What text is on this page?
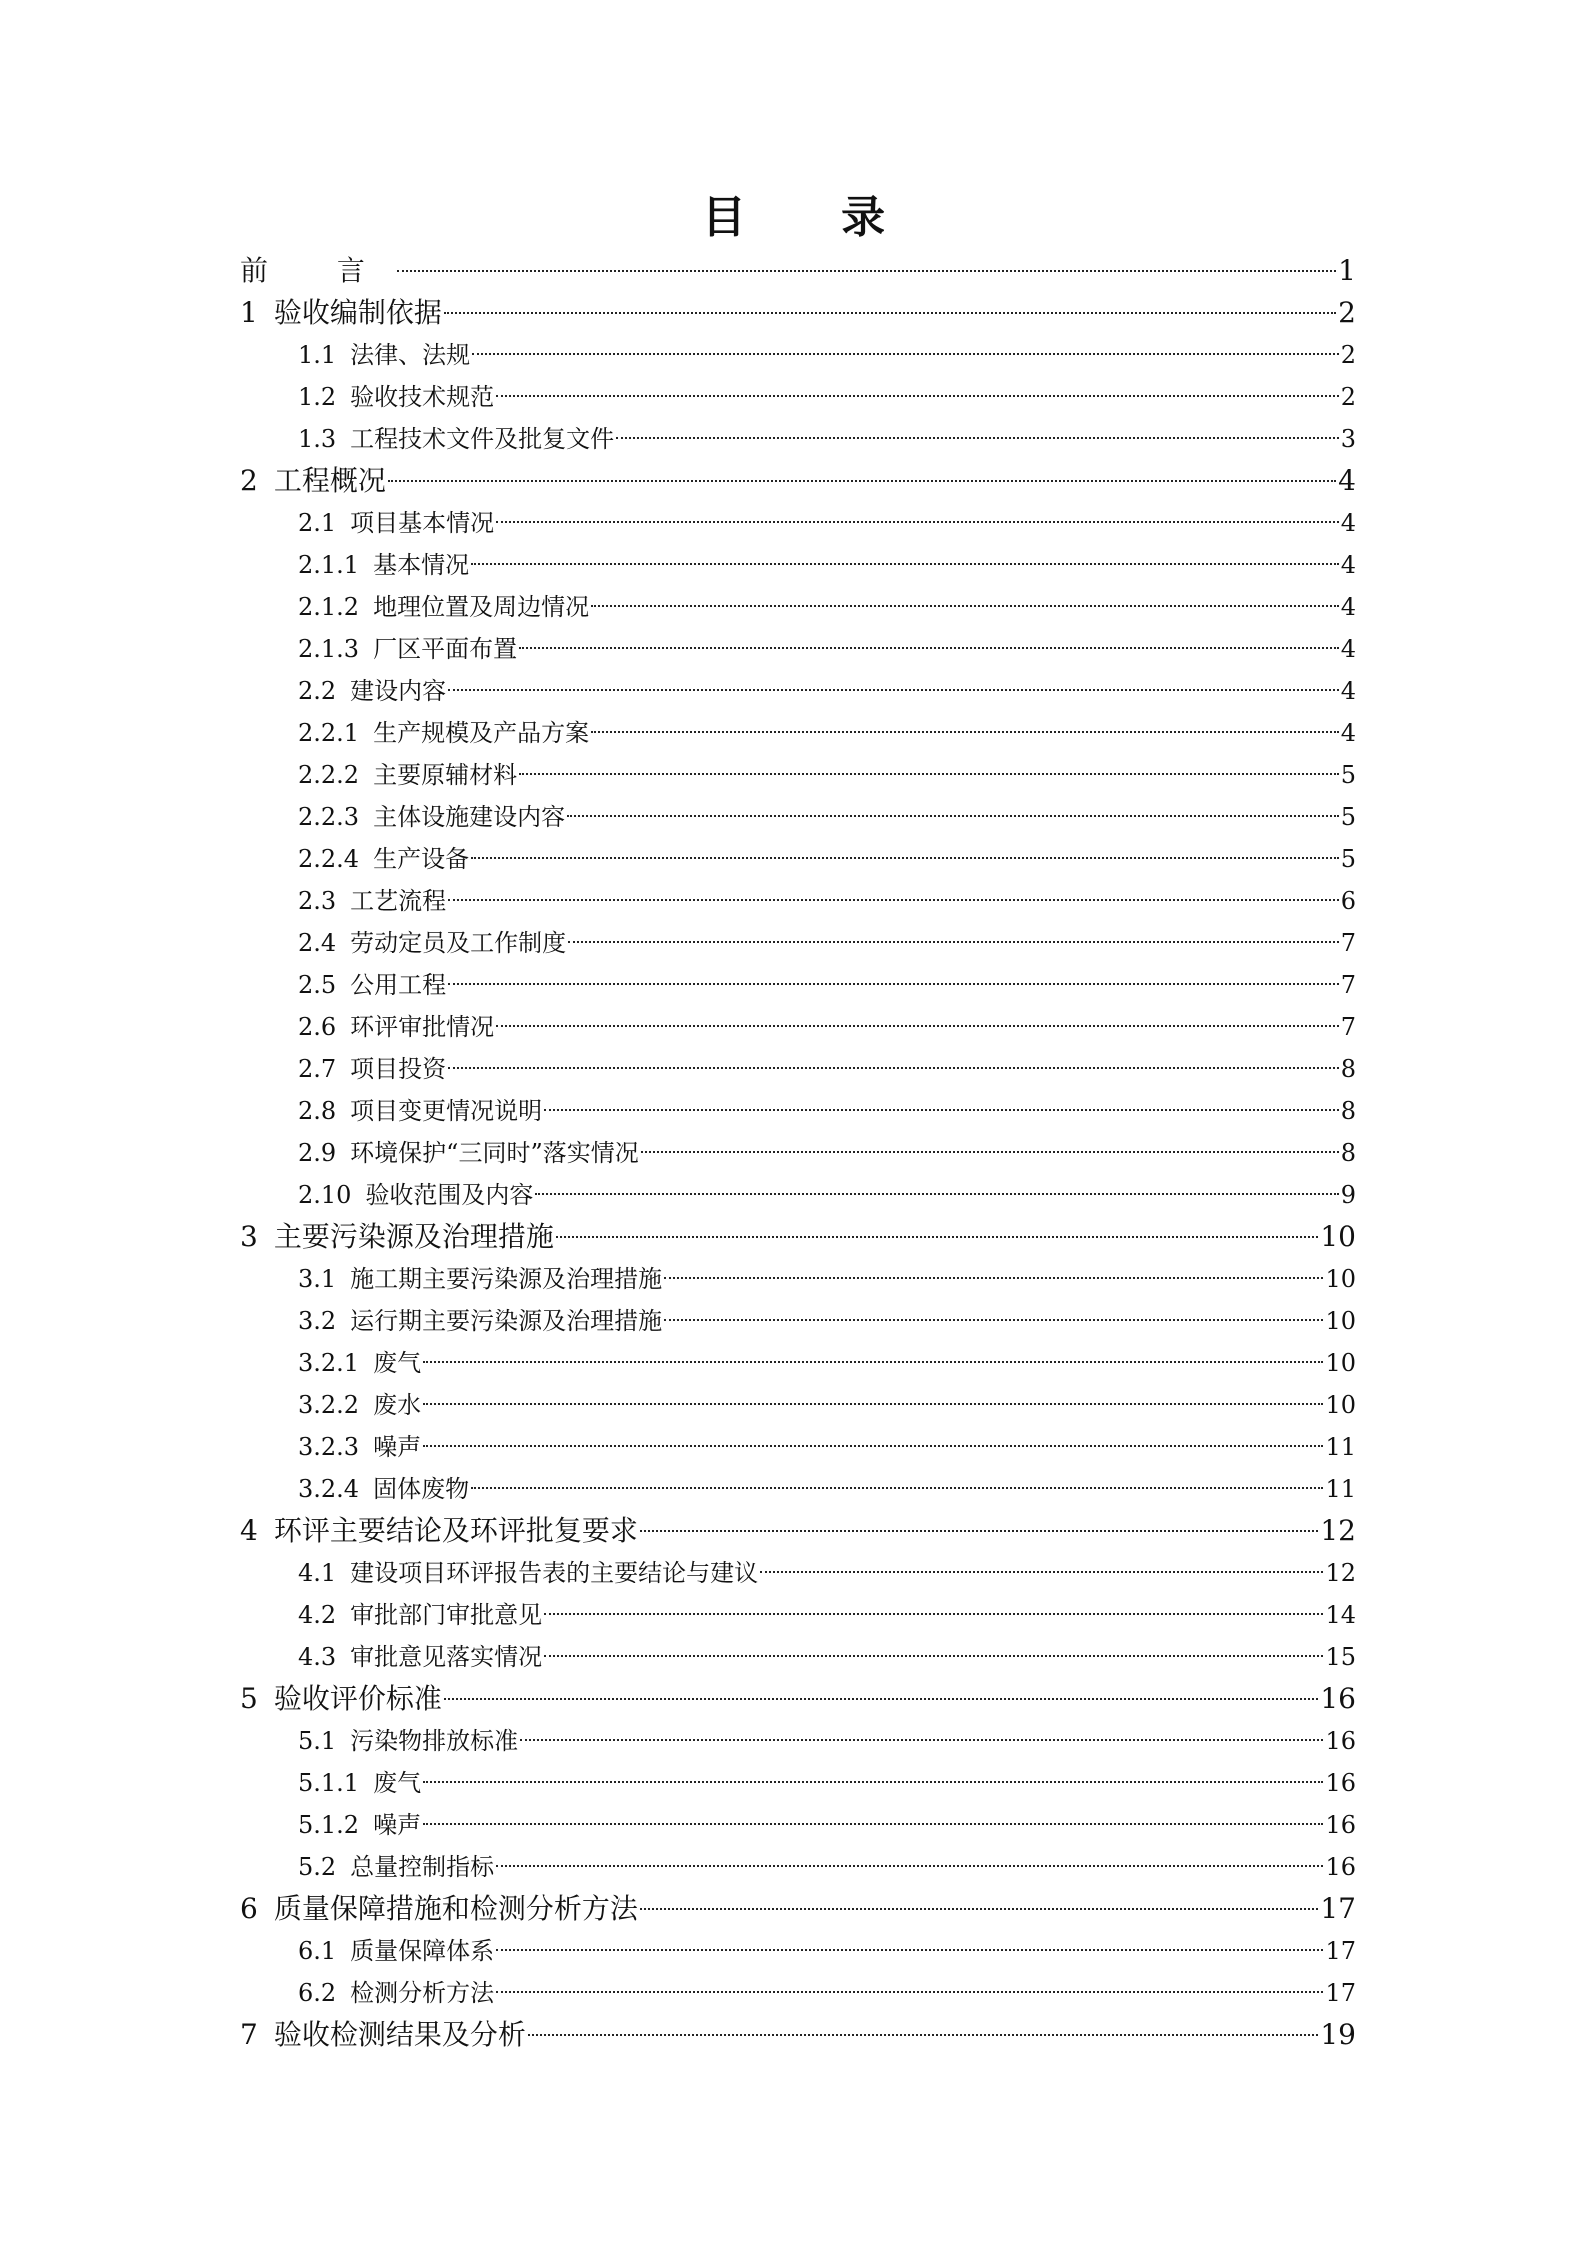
目 录
前 言	1
1 验收编制依据	2
1.1 法律、法规	2
1.2 验收技术规范	2
1.3 工程技术文件及批复文件	3
2 工程概况	4
2.1 项目基本情况	4
2.1.1 基本情况	4
2.1.2 地理位置及周边情况	4
2.1.3 厂区平面布置	4
2.2 建设内容	4
2.2.1 生产规模及产品方案	4
2.2.2 主要原辅材料	5
2.2.3 主体设施建设内容	5
2.2.4 生产设备	5
2.3 工艺流程	6
2.4 劳动定员及工作制度	7
2.5 公用工程	7
2.6 环评审批情况	7
2.7 项目投资	8
2.8 项目变更情况说明	8
2.9 环境保护“三同时”落实情况	8
2.10 验收范围及内容	9
3 主要污染源及治理措施	10
3.1 施工期主要污染源及治理措施	10
3.2 运行期主要污染源及治理措施	10
3.2.1 废气	10
3.2.2 废水	10
3.2.3 噪声	11
3.2.4 固体废物	11
4 环评主要结论及环评批复要求	12
4.1 建设项目环评报告表的主要结论与建议	12
4.2 审批部门审批意见	14
4.3 审批意见落实情况	15
5 验收评价标准	16
5.1 污染物排放标准	16
5.1.1 废气	16
5.1.2 噪声	16
5.2 总量控制指标	16
6 质量保障措施和检测分析方法	17
6.1 质量保障体系	17
6.2 检测分析方法	17
7 验收检测结果及分析	19
